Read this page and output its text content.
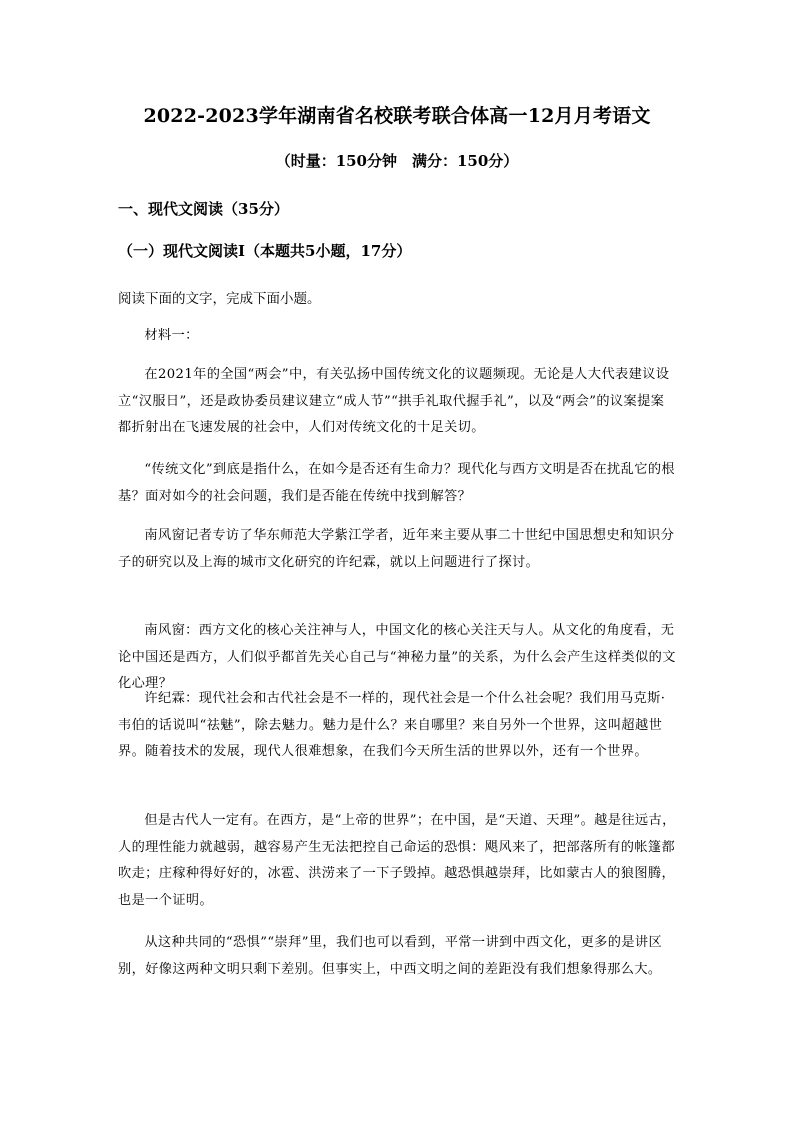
2022-2023学年湖南省名校联考联合体高一12月月考语文
（时量：150分钟　满分：150分）
一、现代文阅读（35分）
（一）现代文阅读Ⅰ（本题共5小题，17分）
阅读下面的文字，完成下面小题。

材料一：

在2021年的全国“两会”中，有关弘扬中国传统文化的议题频现。无论是人大代表建议设立“汉服日”，还是政协委员建议建立“成人节”“拱手礼取代握手礼”，以及“两会”的议案提案都折射出在飞速发展的社会中，人们对传统文化的十足关切。

“传统文化”到底是指什么，在如今是否还有生命力？现代化与西方文明是否在扰乱它的根基？面对如今的社会问题，我们是否能在传统中找到解答？

南风窗记者专访了华东师范大学紫江学者，近年来主要从事二十世纪中国思想史和知识分子的研究以及上海的城市文化研究的许纪霖，就以上问题进行了探讨。

南风窗：西方文化的核心关注神与人，中国文化的核心关注天与人。从文化的角度看，无论中国还是西方，人们似乎都首先关心自己与“神秘力量”的关系，为什么会产生这样类似的文化心理？

许纪霖：现代社会和古代社会是不一样的，现代社会是一个什么社会呢？我们用马克斯·韦伯的话说叫“祛魅”，除去魅力。魅力是什么？来自哪里？来自另外一个世界，这叫超越世界。随着技术的发展，现代人很难想象，在我们今天所生活的世界以外，还有一个世界。

但是古代人一定有。在西方，是“上帝的世界”；在中国，是“天道、天理”。越是往远古，人的理性能力就越弱，越容易产生无法把控自己命运的恐惧：飓风来了，把部落所有的帐篷都吹走；庄稼种得好好的，冰雹、洪涝来了一下子毁掉。越恐惧越崇拜，比如蒙古人的狼图腾，也是一个证明。

从这种共同的“恐惧”“崇拜”里，我们也可以看到，平常一讲到中西文化，更多的是讲区别，好像这两种文明只剩下差别。但事实上，中西文明之间的差距没有我们想象得那么大。
